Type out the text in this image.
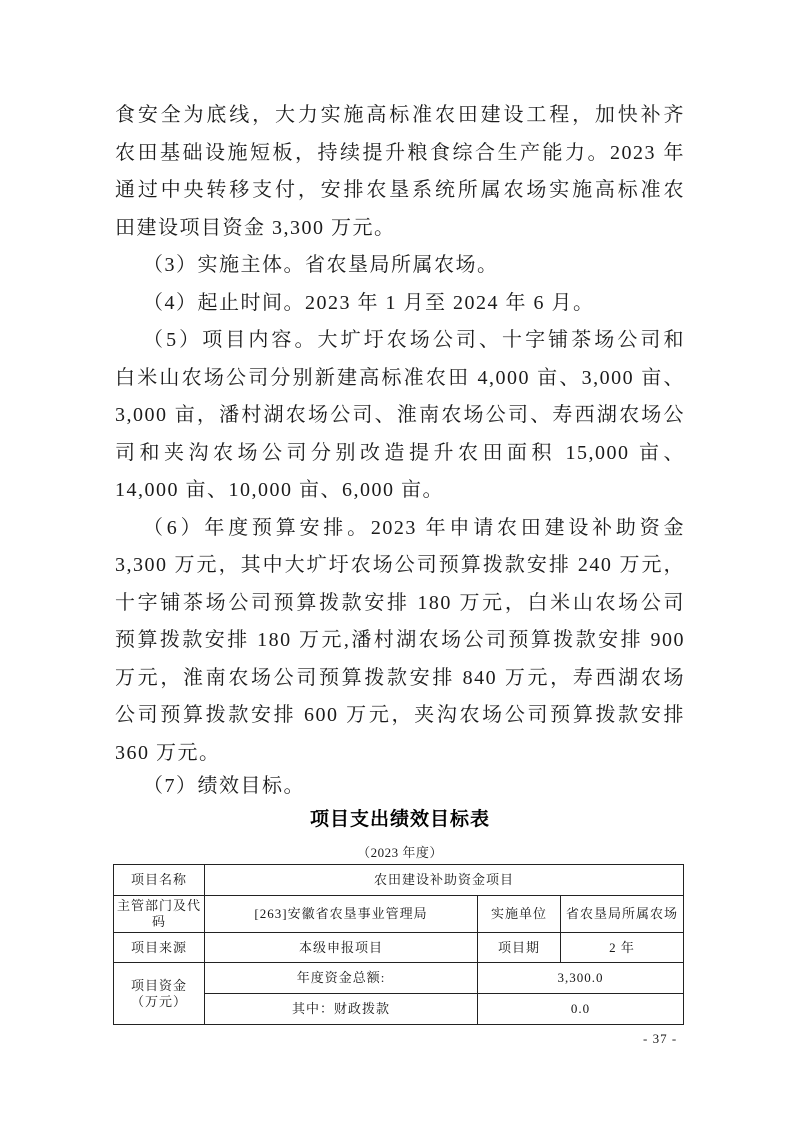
食安全为底线，大力实施高标准农田建设工程，加快补齐
农田基础设施短板，持续提升粮食综合生产能力。2023 年
通过中央转移支付，安排农垦系统所属农场实施高标准农
田建设项目资金 3,300 万元。
（3）实施主体。省农垦局所属农场。
（4）起止时间。2023 年 1 月至 2024 年 6 月。
（5）项目内容。大圹圩农场公司、十字铺茶场公司和
白米山农场公司分别新建高标准农田 4,000 亩、3,000 亩、
3,000 亩，潘村湖农场公司、淮南农场公司、寿西湖农场公
司和夹沟农场公司分别改造提升农田面积 15,000 亩、
14,000 亩、10,000 亩、6,000 亩。
（6）年度预算安排。2023 年申请农田建设补助资金
3,300 万元，其中大圹圩农场公司预算拨款安排 240 万元，
十字铺茶场公司预算拨款安排 180 万元，白米山农场公司
预算拨款安排 180 万元,潘村湖农场公司预算拨款安排 900
万元，淮南农场公司预算拨款安排 840 万元，寿西湖农场
公司预算拨款安排 600 万元，夹沟农场公司预算拨款安排
360 万元。
（7）绩效目标。
项目支出绩效目标表
（2023 年度）
项目名称	农田建设补助资金项目		
主管部门及代码	[263]安徽省农垦事业管理局	实施单位	省农垦局所属农场
项目来源	本级申报项目	项目期	2 年

项目资金
（万元）	年度资金总额:	3,300.0	
	其中：财政拨款	0.0	
- 37 -
